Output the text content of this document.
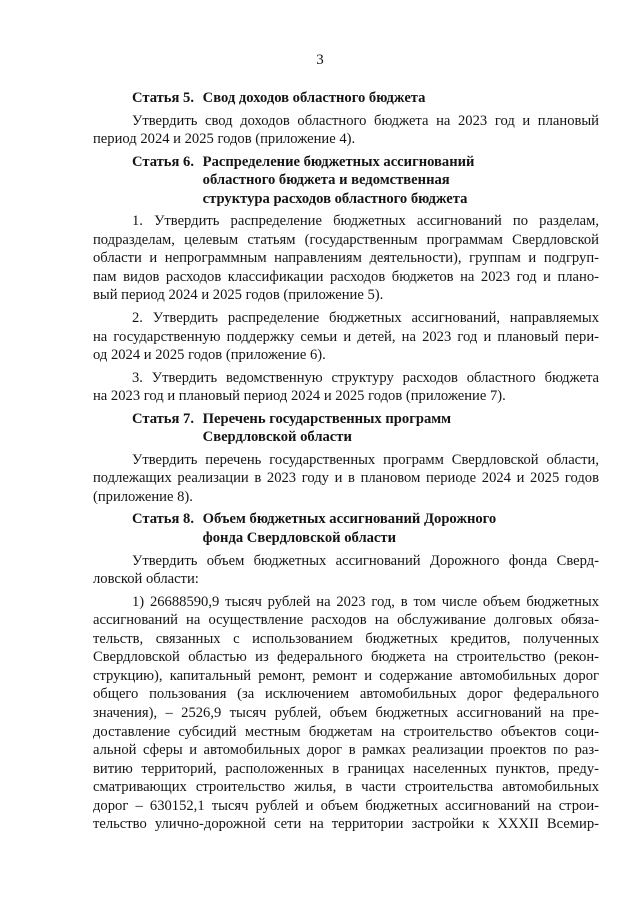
3
Статья 5. Свод доходов областного бюджета
Утвердить свод доходов областного бюджета на 2023 год и плановый
период 2024 и 2025 годов (приложение 4).
Статья 6. Распределение бюджетных ассигнований
областного бюджета и ведомственная
структура расходов областного бюджета
1. Утвердить распределение бюджетных ассигнований по разделам,
подразделам, целевым статьям (государственным программам Свердловской
области и непрограммным направлениям деятельности), группам и подгруп-
пам видов расходов классификации расходов бюджетов на 2023 год и плано-
вый период 2024 и 2025 годов (приложение 5).
2. Утвердить распределение бюджетных ассигнований, направляемых
на государственную поддержку семьи и детей, на 2023 год и плановый пери-
од 2024 и 2025 годов (приложение 6).
3. Утвердить ведомственную структуру расходов областного бюджета
на 2023 год и плановый период 2024 и 2025 годов (приложение 7).
Статья 7. Перечень государственных программ
Свердловской области
Утвердить перечень государственных программ Свердловской области,
подлежащих реализации в 2023 году и в плановом периоде 2024 и 2025 годов
(приложение 8).
Статья 8. Объем бюджетных ассигнований Дорожного
фонда Свердловской области
Утвердить объем бюджетных ассигнований Дорожного фонда Сверд-
ловской области:
1) 26688590,9 тысяч рублей на 2023 год, в том числе объем бюджетных
ассигнований на осуществление расходов на обслуживание долговых обяза-
тельств, связанных с использованием бюджетных кредитов, полученных
Свердловской областью из федерального бюджета на строительство (рекон-
струкцию), капитальный ремонт, ремонт и содержание автомобильных дорог
общего пользования (за исключением автомобильных дорог федерального
значения), – 2526,9 тысяч рублей, объем бюджетных ассигнований на пре-
доставление субсидий местным бюджетам на строительство объектов соци-
альной сферы и автомобильных дорог в рамках реализации проектов по раз-
витию территорий, расположенных в границах населенных пунктов, преду-
сматривающих строительство жилья, в части строительства автомобильных
дорог – 630152,1 тысяч рублей и объем бюджетных ассигнований на строи-
тельство улично-дорожной сети на территории застройки к XXXII Всемир-
